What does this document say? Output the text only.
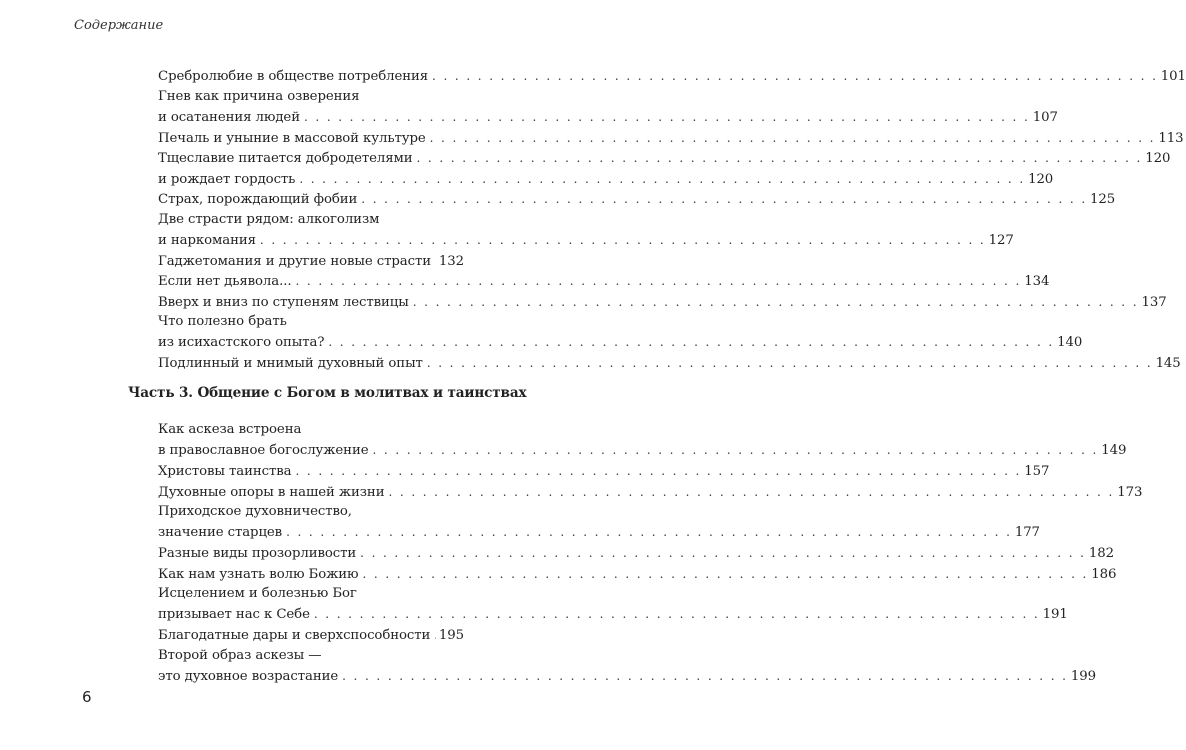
Содержание
Сребролюбие в обществе потребления . . . . . . . . . . . . . . . . . . . . . . . . . . . . . . . . . . . . . . . . . . . . . . . . . . . . . . . . . . . . . . . . 101
Гнев как причина озверения
и осатанения людей . . . . . . . . . . . . . . . . . . . . . . . . . . . . . . . . . . . . . . . . . . . . . . . . . . . . . . . . . . . . . . . . 107
Печаль и уныние в массовой культуре . . . . . . . . . . . . . . . . . . . . . . . . . . . . . . . . . . . . . . . . . . . . . . . . . . . . . . . . . . . . . . . . 113
Тщеславие питается добродетелями . . . . . . . . . . . . . . . . . . . . . . . . . . . . . . . . . . . . . . . . . . . . . . . . . . . . . . . . . . . . . . . . 120
и рождает гордость . . . . . . . . . . . . . . . . . . . . . . . . . . . . . . . . . . . . . . . . . . . . . . . . . . . . . . . . . . . . . . . . 120
Страх, порождающий фобии . . . . . . . . . . . . . . . . . . . . . . . . . . . . . . . . . . . . . . . . . . . . . . . . . . . . . . . . . . . . . . . . 125
Две страсти рядом: алкоголизм
и наркомания . . . . . . . . . . . . . . . . . . . . . . . . . . . . . . . . . . . . . . . . . . . . . . . . . . . . . . . . . . . . . . . . 127
Гаджетомания и другие новые страсти 132
Если нет дьявола... . . . . . . . . . . . . . . . . . . . . . . . . . . . . . . . . . . . . . . . . . . . . . . . . . . . . . . . . . . . . . . . . 134
Вверх и вниз по ступеням лествицы . . . . . . . . . . . . . . . . . . . . . . . . . . . . . . . . . . . . . . . . . . . . . . . . . . . . . . . . . . . . . . . . 137
Что полезно брать
из исихастского опыта? . . . . . . . . . . . . . . . . . . . . . . . . . . . . . . . . . . . . . . . . . . . . . . . . . . . . . . . . . . . . . . . . 140
Подлинный и мнимый духовный опыт . . . . . . . . . . . . . . . . . . . . . . . . . . . . . . . . . . . . . . . . . . . . . . . . . . . . . . . . . . . . . . . . 145
Как аскеза встроена
в православное богослужение . . . . . . . . . . . . . . . . . . . . . . . . . . . . . . . . . . . . . . . . . . . . . . . . . . . . . . . . . . . . . . . . 149
Христовы таинства . . . . . . . . . . . . . . . . . . . . . . . . . . . . . . . . . . . . . . . . . . . . . . . . . . . . . . . . . . . . . . . . 157
Духовные опоры в нашей жизни . . . . . . . . . . . . . . . . . . . . . . . . . . . . . . . . . . . . . . . . . . . . . . . . . . . . . . . . . . . . . . . . 173
Приходское духовничество,
значение старцев . . . . . . . . . . . . . . . . . . . . . . . . . . . . . . . . . . . . . . . . . . . . . . . . . . . . . . . . . . . . . . . . 177
Разные виды прозорливости . . . . . . . . . . . . . . . . . . . . . . . . . . . . . . . . . . . . . . . . . . . . . . . . . . . . . . . . . . . . . . . . 182
Как нам узнать волю Божию . . . . . . . . . . . . . . . . . . . . . . . . . . . . . . . . . . . . . . . . . . . . . . . . . . . . . . . . . . . . . . . . 186
Исцелением и болезнью Бог
призывает нас к Себе . . . . . . . . . . . . . . . . . . . . . . . . . . . . . . . . . . . . . . . . . . . . . . . . . . . . . . . . . . . . . . . . 191
Благодатные дары и сверхспособности 195
Второй образ аскезы —
это духовное возрастание . . . . . . . . . . . . . . . . . . . . . . . . . . . . . . . . . . . . . . . . . . . . . . . . . . . . . . . . . . . . . . . . 199
Часть 3. Общение с Богом в молитвах и таинствах
6
